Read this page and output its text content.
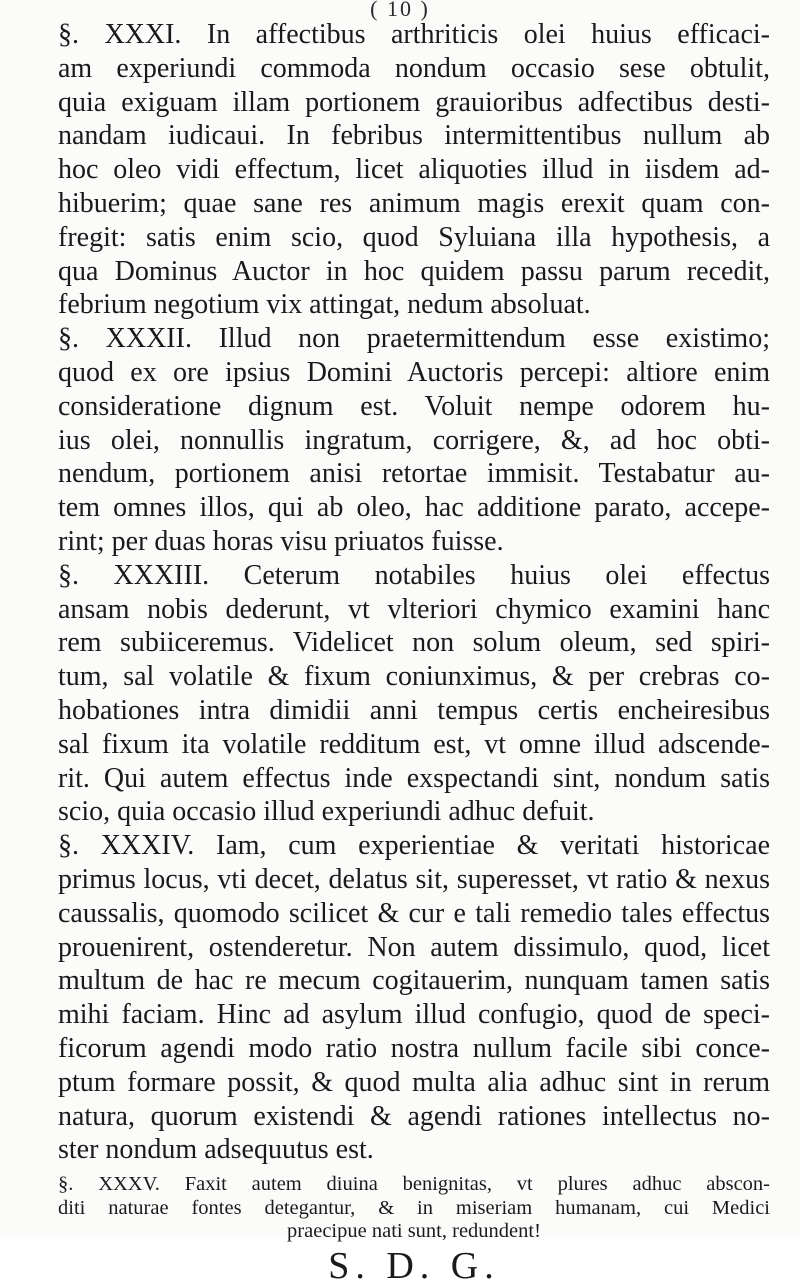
( 10 )
§. XXXI. In affectibus arthriticis olei huius efficaci-
am experiundi commoda nondum occasio sese obtulit,
quia exiguam illam portionem grauioribus adfectibus desti-
nandam iudicaui. In febribus intermittentibus nullum ab
hoc oleo vidi effectum, licet aliquoties illud in iisdem ad-
hibuerim; quae sane res animum magis erexit quam con-
fregit: satis enim scio, quod Syluiana illa hypothesis, a
qua Dominus Auctor in hoc quidem passu parum recedit,
febrium negotium vix attingat, nedum absoluat.
§. XXXII. Illud non praetermittendum esse existimo;
quod ex ore ipsius Domini Auctoris percepi: altiore enim
consideratione dignum est. Voluit nempe odorem hu-
ius olei, nonnullis ingratum, corrigere, &, ad hoc obti-
nendum, portionem anisi retortae immisit. Testabatur au-
tem omnes illos, qui ab oleo, hac additione parato, accepe-
rint; per duas horas visu priuatos fuisse.
§. XXXIII. Ceterum notabiles huius olei effectus
ansam nobis dederunt, vt vlteriori chymico examini hanc
rem subiiceremus. Videlicet non solum oleum, sed spiri-
tum, sal volatile & fixum coniunximus, & per crebras co-
hobationes intra dimidii anni tempus certis encheiresibus
sal fixum ita volatile redditum est, vt omne illud adscende-
rit. Qui autem effectus inde exspectandi sint, nondum satis
scio, quia occasio illud experiundi adhuc defuit.
§. XXXIV. Iam, cum experientiae & veritati historicae
primus locus, vti decet, delatus sit, superesset, vt ratio & nexus
caussalis, quomodo scilicet & cur e tali remedio tales effectus
prouenirent, ostenderetur. Non autem dissimulo, quod, licet
multum de hac re mecum cogitauerim, nunquam tamen satis
mihi faciam. Hinc ad asylum illud confugio, quod de speci-
ficorum agendi modo ratio nostra nullum facile sibi conce-
ptum formare possit, & quod multa alia adhuc sint in rerum
natura, quorum existendi & agendi rationes intellectus no-
ster nondum adsequutus est.
§. XXXV. Faxit autem diuina benignitas, vt plures adhuc abscon-
diti naturae fontes detegantur, & in miseriam humanam, cui Medici
praecipue nati sunt, redundent!
S. D. G.
